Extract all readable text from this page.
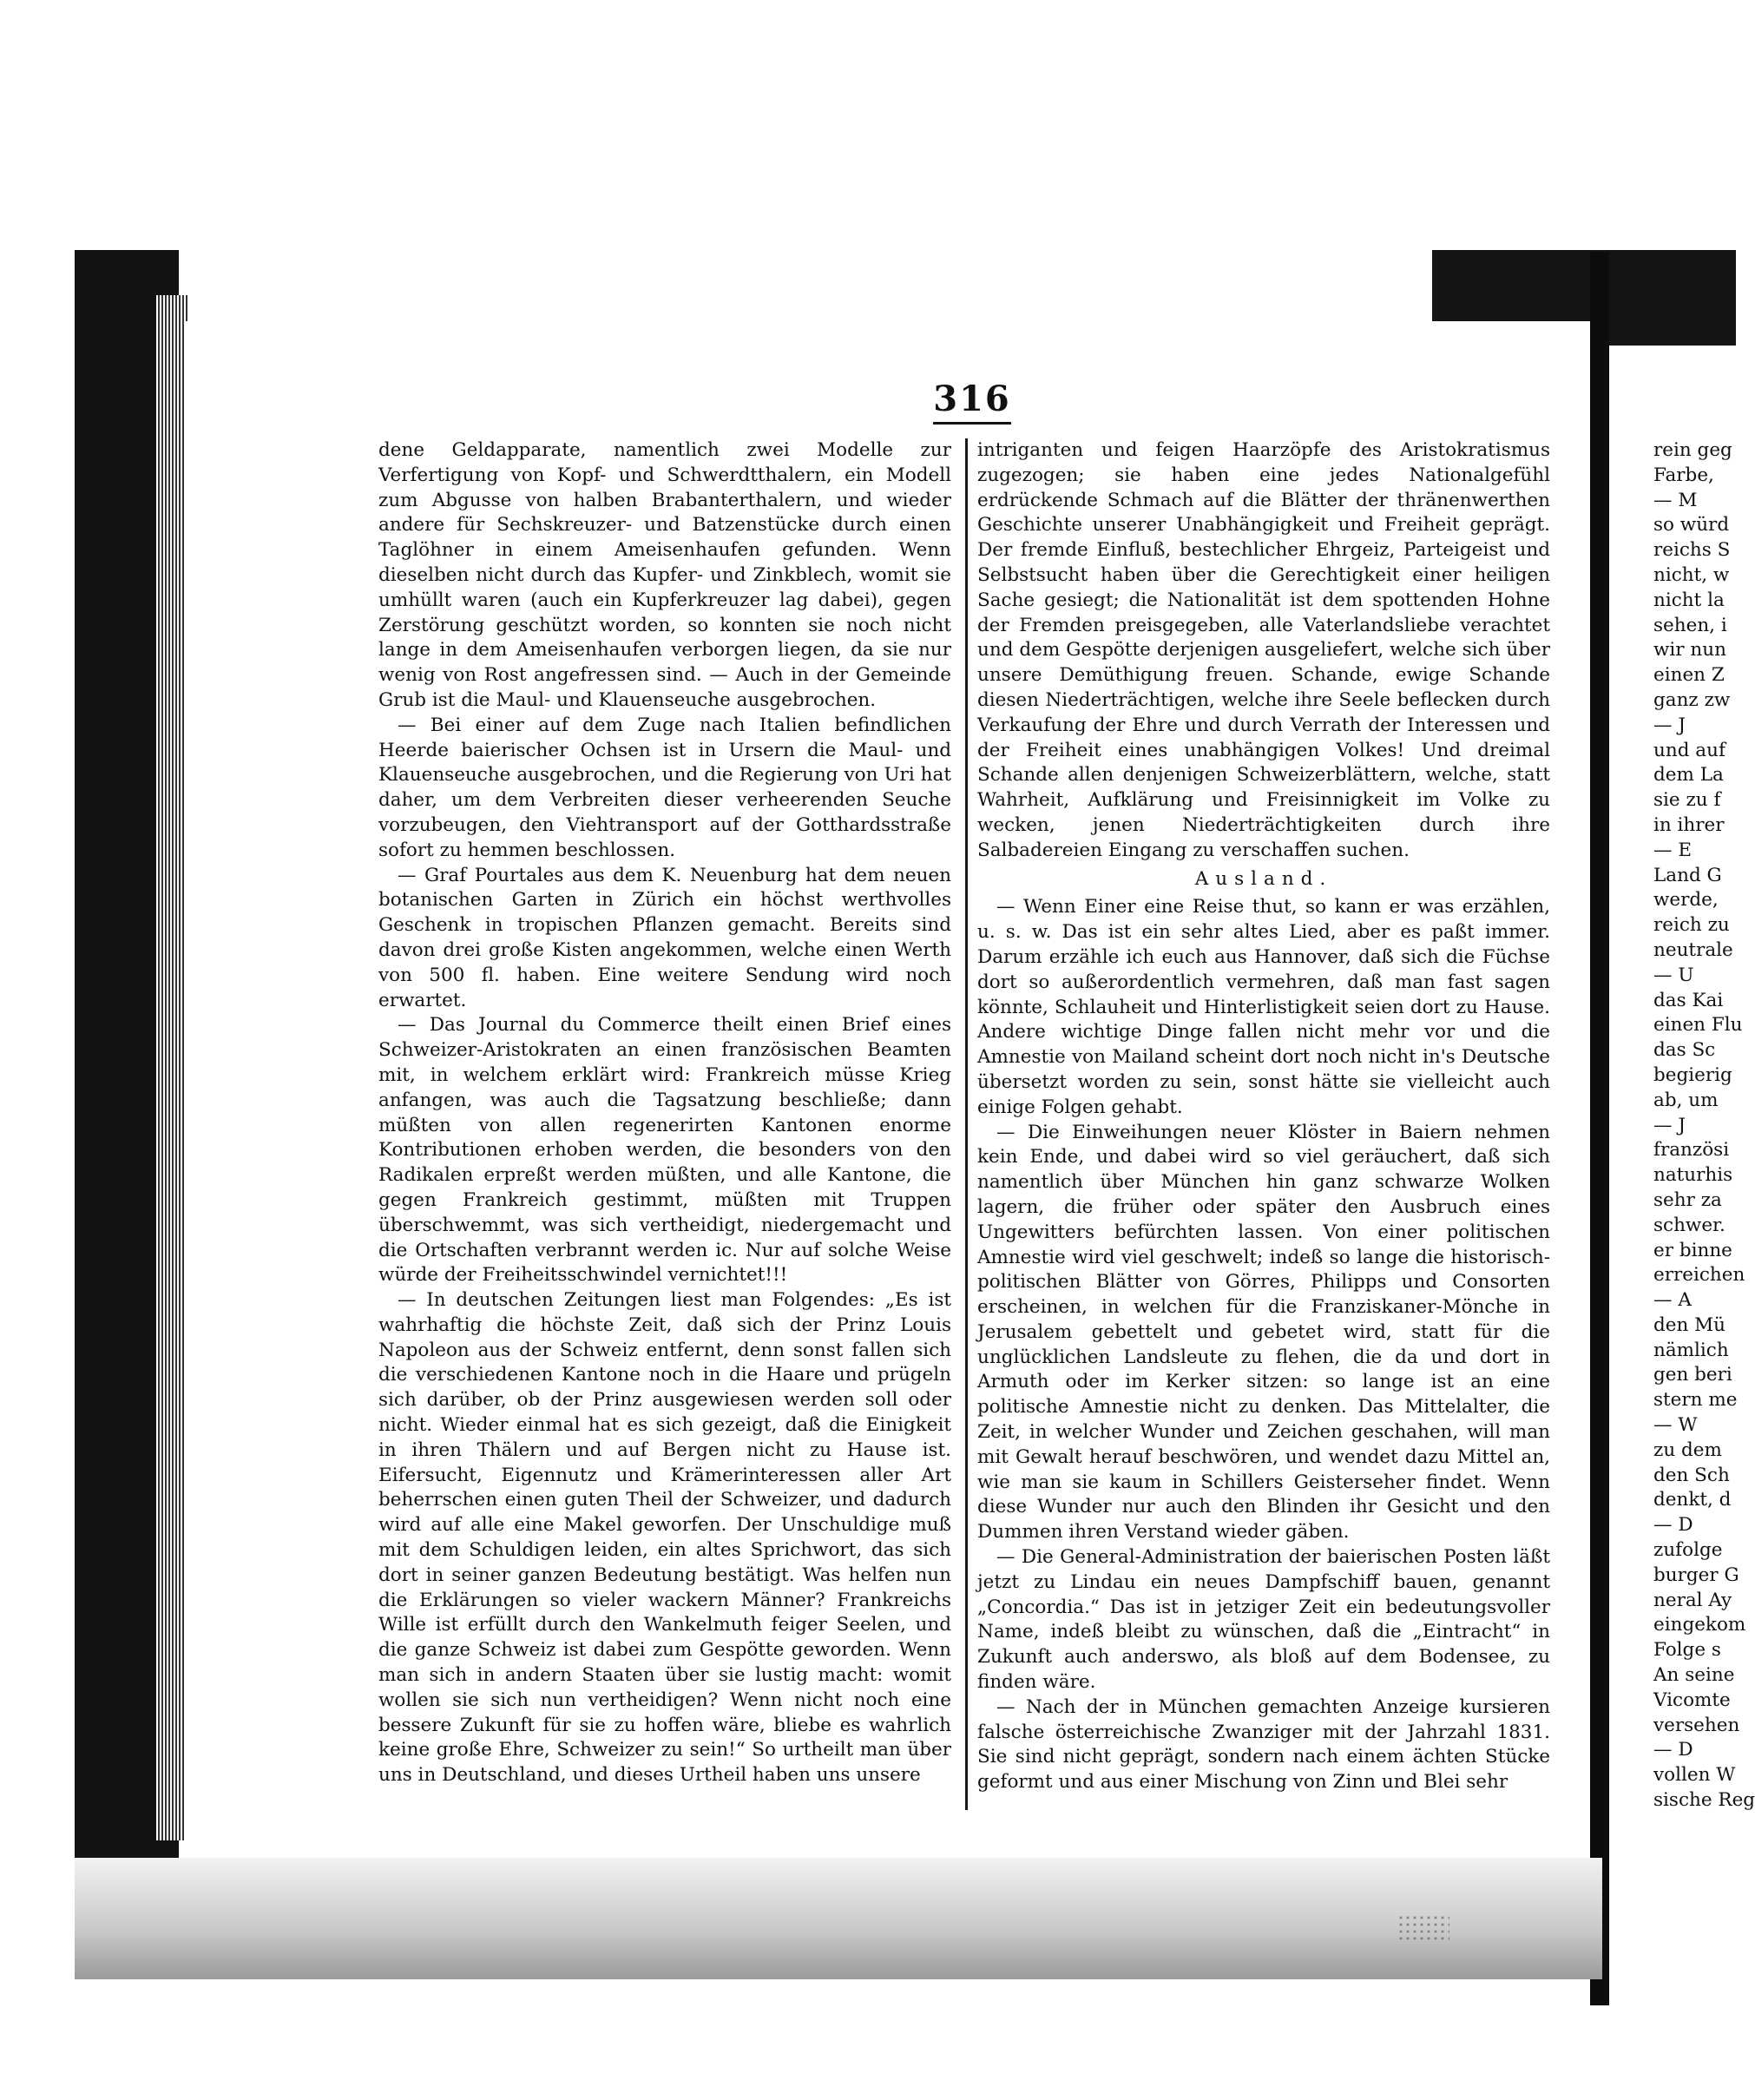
316

dene Geldapparate, namentlich zwei Modelle zur Verfertigung von Kopf- und Schwerdtthalern, ein Modell zum Abgusse von halben Brabanterthalern, und wieder andere für Sechskreuzer- und Batzenstücke durch einen Taglöhner in einem Ameisenhaufen gefunden. Wenn dieselben nicht durch das Kupfer- und Zinkblech, womit sie umhüllt waren (auch ein Kupferkreuzer lag dabei), gegen Zerstörung geschützt worden, so konnten sie noch nicht lange in dem Ameisenhaufen verborgen liegen, da sie nur wenig von Rost angefressen sind. — Auch in der Gemeinde Grub ist die Maul- und Klauenseuche ausgebrochen.

— Bei einer auf dem Zuge nach Italien befindlichen Heerde baierischer Ochsen ist in Ursern die Maul- und Klauenseuche ausgebrochen, und die Regierung von Uri hat daher, um dem Verbreiten dieser verheerenden Seuche vorzubeugen, den Viehtransport auf der Gotthardsstraße sofort zu hemmen beschlossen.

— Graf Pourtales aus dem K. Neuenburg hat dem neuen botanischen Garten in Zürich ein höchst werthvolles Geschenk in tropischen Pflanzen gemacht. Bereits sind davon drei große Kisten angekommen, welche einen Werth von 500 fl. haben. Eine weitere Sendung wird noch erwartet.

— Das Journal du Commerce theilt einen Brief eines Schweizer-Aristokraten an einen französischen Beamten mit, in welchem erklärt wird: Frankreich müsse Krieg anfangen, was auch die Tagsatzung beschließe; dann müßten von allen regenerirten Kantonen enorme Kontributionen erhoben werden, die besonders von den Radikalen erpreßt werden müßten, und alle Kantone, die gegen Frankreich gestimmt, müßten mit Truppen überschwemmt, was sich vertheidigt, niedergemacht und die Ortschaften verbrannt werden ic. Nur auf solche Weise würde der Freiheitsschwindel vernichtet!!!

— In deutschen Zeitungen liest man Folgendes: „Es ist wahrhaftig die höchste Zeit, daß sich der Prinz Louis Napoleon aus der Schweiz entfernt, denn sonst fallen sich die verschiedenen Kantone noch in die Haare und prügeln sich darüber, ob der Prinz ausgewiesen werden soll oder nicht. Wieder einmal hat es sich gezeigt, daß die Einigkeit in ihren Thälern und auf Bergen nicht zu Hause ist. Eifersucht, Eigennutz und Krämerinteressen aller Art beherrschen einen guten Theil der Schweizer, und dadurch wird auf alle eine Makel geworfen. Der Unschuldige muß mit dem Schuldigen leiden, ein altes Sprichwort, das sich dort in seiner ganzen Bedeutung bestätigt. Was helfen nun die Erklärungen so vieler wackern Männer? Frankreichs Wille ist erfüllt durch den Wankelmuth feiger Seelen, und die ganze Schweiz ist dabei zum Gespötte geworden. Wenn man sich in andern Staaten über sie lustig macht: womit wollen sie sich nun vertheidigen? Wenn nicht noch eine bessere Zukunft für sie zu hoffen wäre, bliebe es wahrlich keine große Ehre, Schweizer zu sein!“ So urtheilt man über uns in Deutschland, und dieses Urtheil haben uns unsere

intriganten und feigen Haarzöpfe des Aristokratismus zugezogen; sie haben eine jedes Nationalgefühl erdrückende Schmach auf die Blätter der thränenwerthen Geschichte unserer Unabhängigkeit und Freiheit geprägt. Der fremde Einfluß, bestechlicher Ehrgeiz, Parteigeist und Selbstsucht haben über die Gerechtigkeit einer heiligen Sache gesiegt; die Nationalität ist dem spottenden Hohne der Fremden preisgegeben, alle Vaterlandsliebe verachtet und dem Gespötte derjenigen ausgeliefert, welche sich über unsere Demüthigung freuen. Schande, ewige Schande diesen Niederträchtigen, welche ihre Seele beflecken durch Verkaufung der Ehre und durch Verrath der Interessen und der Freiheit eines unabhängigen Volkes! Und dreimal Schande allen denjenigen Schweizerblättern, welche, statt Wahrheit, Aufklärung und Freisinnigkeit im Volke zu wecken, jenen Niederträchtigkeiten durch ihre Salbadereien Eingang zu verschaffen suchen.

Ausland.

— Wenn Einer eine Reise thut, so kann er was erzählen, u. s. w. Das ist ein sehr altes Lied, aber es paßt immer. Darum erzähle ich euch aus Hannover, daß sich die Füchse dort so außerordentlich vermehren, daß man fast sagen könnte, Schlauheit und Hinterlistigkeit seien dort zu Hause. Andere wichtige Dinge fallen nicht mehr vor und die Amnestie von Mailand scheint dort noch nicht in's Deutsche übersetzt worden zu sein, sonst hätte sie vielleicht auch einige Folgen gehabt.

— Die Einweihungen neuer Klöster in Baiern nehmen kein Ende, und dabei wird so viel geräuchert, daß sich namentlich über München hin ganz schwarze Wolken lagern, die früher oder später den Ausbruch eines Ungewitters befürchten lassen. Von einer politischen Amnestie wird viel geschwelt; indeß so lange die historisch-politischen Blätter von Görres, Philipps und Consorten erscheinen, in welchen für die Franziskaner-Mönche in Jerusalem gebettelt und gebetet wird, statt für die unglücklichen Landsleute zu flehen, die da und dort in Armuth oder im Kerker sitzen: so lange ist an eine politische Amnestie nicht zu denken. Das Mittelalter, die Zeit, in welcher Wunder und Zeichen geschahen, will man mit Gewalt herauf beschwören, und wendet dazu Mittel an, wie man sie kaum in Schillers Geisterseher findet. Wenn diese Wunder nur auch den Blinden ihr Gesicht und den Dummen ihren Verstand wieder gäben.

— Die General-Administration der baierischen Posten läßt jetzt zu Lindau ein neues Dampfschiff bauen, genannt „Concordia.“ Das ist in jetziger Zeit ein bedeutungsvoller Name, indeß bleibt zu wünschen, daß die „Eintracht“ in Zukunft auch anderswo, als bloß auf dem Bodensee, zu finden wäre.

— Nach der in München gemachten Anzeige kursieren falsche österreichische Zwanziger mit der Jahrzahl 1831. Sie sind nicht geprägt, sondern nach einem ächten Stücke geformt und aus einer Mischung von Zinn und Blei sehr

rein geg
Farbe,
— M
so würd
reichs S
nicht, w
nicht la
sehen, i
wir nun
einen Z
ganz zw
— J
und auf
dem La
sie zu f
in ihrer
— E
Land G
werde,
reich zu
neutrale
— U
das Kai
einen Flu
das Sc
begierig
ab, um
— J
französi
naturhis
sehr za
schwer.
er binne
erreichen
— A
den Mü
nämlich
gen beri
stern me
— W
zu dem
den Sch
denkt, d
— D
zufolge
burger G
neral Ay
eingekom
Folge s
An seine
Vicomte
versehen
— D
vollen W
sische Reg
